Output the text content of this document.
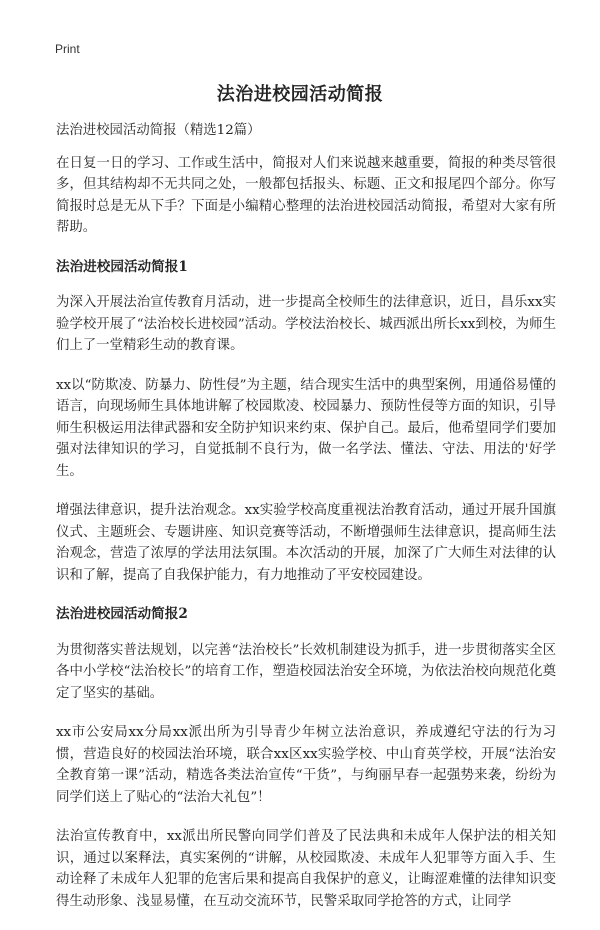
Print
法治进校园活动简报

法治进校园活动简报（精选12篇）

在日复一日的学习、工作或生活中，简报对人们来说越来越重要，简报的种类尽管很多，但其结构却不无共同之处，一般都包括报头、标题、正文和报尾四个部分。你写简报时总是无从下手？下面是小编精心整理的法治进校园活动简报，希望对大家有所帮助。

法治进校园活动简报1

为深入开展法治宣传教育月活动，进一步提高全校师生的法律意识，近日，昌乐xx实验学校开展了“法治校长进校园”活动。学校法治校长、城西派出所长xx到校，为师生们上了一堂精彩生动的教育课。

xx以“防欺凌、防暴力、防性侵”为主题，结合现实生活中的典型案例，用通俗易懂的语言，向现场师生具体地讲解了校园欺凌、校园暴力、预防性侵等方面的知识，引导师生积极运用法律武器和安全防护知识来约束、保护自己。最后，他希望同学们要加强对法律知识的学习，自觉抵制不良行为，做一名学法、懂法、守法、用法的'好学生。

增强法律意识，提升法治观念。xx实验学校高度重视法治教育活动，通过开展升国旗仪式、主题班会、专题讲座、知识竞赛等活动，不断增强师生法律意识，提高师生法治观念，营造了浓厚的学法用法氛围。本次活动的开展，加深了广大师生对法律的认识和了解，提高了自我保护能力，有力地推动了平安校园建设。

法治进校园活动简报2

为贯彻落实普法规划，以完善“法治校长”长效机制建设为抓手，进一步贯彻落实全区各中小学校“法治校长”的培育工作，塑造校园法治安全环境，为依法治校向规范化奠定了坚实的基础。

xx市公安局xx分局xx派出所为引导青少年树立法治意识，养成遵纪守法的行为习惯，营造良好的校园法治环境，联合xx区xx实验学校、中山育英学校，开展“法治安全教育第一课”活动，精选各类法治宣传“干货”，与绚丽早春一起强势来袭，纷纷为同学们送上了贴心的“法治大礼包”！

法治宣传教育中，xx派出所民警向同学们普及了民法典和未成年人保护法的相关知识，通过以案释法，真实案例的“讲解，从校园欺凌、未成年人犯罪等方面入手、生动诠释了未成年人犯罪的危害后果和提高自我保护的意义，让晦涩难懂的法律知识变得生动形象、浅显易懂，在互动交流环节，民警采取同学抢答的方式，让同学
